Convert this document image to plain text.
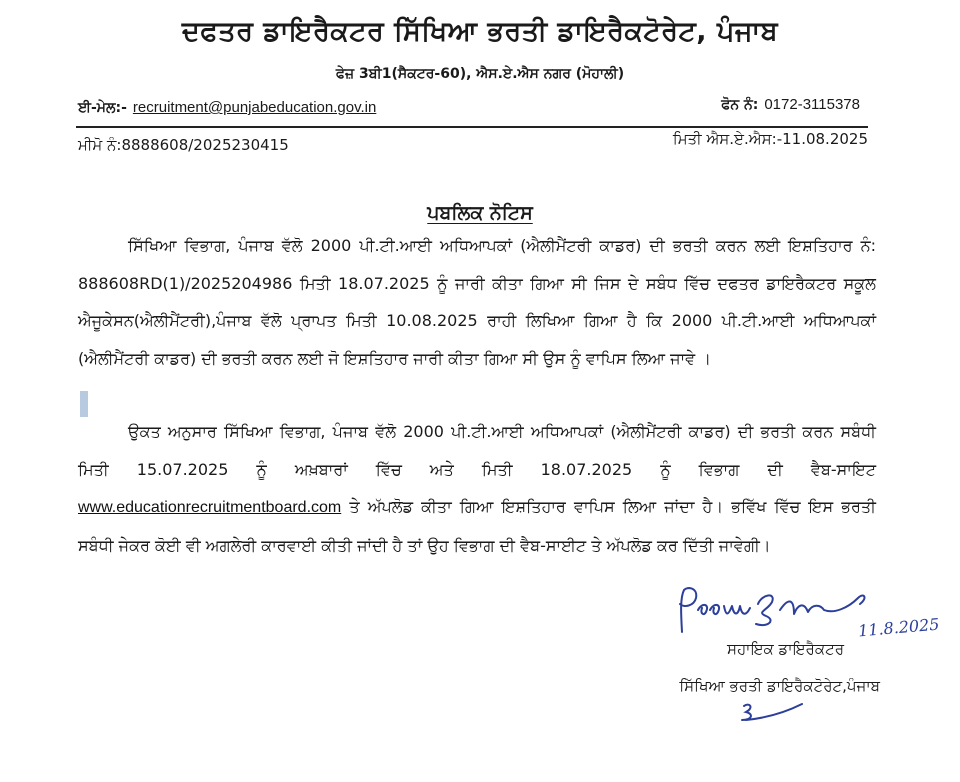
ਦਫਤਰ ਡਾਇਰੈਕਟਰ ਸਿੱਖਿਆ ਭਰਤੀ ਡਾਇਰੈਕਟੋਰੇਟ, ਪੰਜਾਬ
ਫੇਜ਼ 3ਬੀ1(ਸੈਕਟਰ-60), ਐਸ.ਏ.ਐਸ ਨਗਰ (ਮੋਹਾਲੀ)
ਈ-ਮੇਲ:- recruitment@punjabeducation.gov.in	ਫੋਨ ਨੰ: 0172-3115378
ਮੀਮੋ ਨੰ:8888608/2025230415	ਮਿਤੀ ਐਸ.ਏ.ਐਸ:-11.08.2025
ਪਬਲਿਕ ਨੋਟਿਸ
ਸਿੱਖਿਆ ਵਿਭਾਗ, ਪੰਜਾਬ ਵੱਲੋ 2000 ਪੀ.ਟੀ.ਆਈ ਅਧਿਆਪਕਾਂ (ਐਲੀਮੈਂਟਰੀ ਕਾਡਰ) ਦੀ ਭਰਤੀ ਕਰਨ ਲਈ ਇਸ਼ਤਿਹਾਰ ਨੰ: 888608RD(1)/2025204986 ਮਿਤੀ 18.07.2025 ਨੂੰ ਜਾਰੀ ਕੀਤਾ ਗਿਆ ਸੀ ਜਿਸ ਦੇ ਸਬੰਧ ਵਿੱਚ ਦਫਤਰ ਡਾਇਰੈਕਟਰ ਸਕੂਲ ਐਜੂਕੇਸਨ(ਐਲੀਮੈਂਟਰੀ),ਪੰਜਾਬ ਵੱਲੋ ਪ੍ਰਾਪਤ ਮਿਤੀ 10.08.2025 ਰਾਹੀ ਲਿਖਿਆ ਗਿਆ ਹੈ ਕਿ 2000 ਪੀ.ਟੀ.ਆਈ ਅਧਿਆਪਕਾਂ (ਐਲੀਮੈਂਟਰੀ ਕਾਡਰ) ਦੀ ਭਰਤੀ ਕਰਨ ਲਈ ਜੋ ਇਸ਼ਤਿਹਾਰ ਜਾਰੀ ਕੀਤਾ ਗਿਆ ਸੀ ਉਸ ਨੂੰ ਵਾਪਿਸ ਲਿਆ ਜਾਵੇ ।
ਉਕਤ ਅਨੁਸਾਰ ਸਿੱਖਿਆ ਵਿਭਾਗ, ਪੰਜਾਬ ਵੱਲੋ 2000 ਪੀ.ਟੀ.ਆਈ ਅਧਿਆਪਕਾਂ (ਐਲੀਮੈਂਟਰੀ ਕਾਡਰ) ਦੀ ਭਰਤੀ ਕਰਨ ਸਬੰਧੀ ਮਿਤੀ 15.07.2025 ਨੂੰ ਅਖ਼ਬਾਰਾਂ ਵਿੱਚ ਅਤੇ ਮਿਤੀ 18.07.2025 ਨੂੰ ਵਿਭਾਗ ਦੀ ਵੈਬ-ਸਾਇਟ www.educationrecruitmentboard.com ਤੇ ਅੱਪਲੋਡ ਕੀਤਾ ਗਿਆ ਇਸ਼ਤਿਹਾਰ ਵਾਪਿਸ ਲਿਆ ਜਾਂਦਾ ਹੈ। ਭਵਿੱਖ ਵਿੱਚ ਇਸ ਭਰਤੀ ਸਬੰਧੀ ਜੇਕਰ ਕੋਈ ਵੀ ਅਗਲੇਰੀ ਕਾਰਵਾਈ ਕੀਤੀ ਜਾਂਦੀ ਹੈ ਤਾਂ ਉਹ ਵਿਭਾਗ ਦੀ ਵੈਬ-ਸਾਈਟ ਤੇ ਅੱਪਲੋਡ ਕਰ ਦਿੱਤੀ ਜਾਵੇਗੀ।
11.8.2025
ਸਹਾਇਕ ਡਾਇਰੈਕਟਰ
ਸਿੱਖਿਆ ਭਰਤੀ ਡਾਇਰੈਕਟੋਰੇਟ,ਪੰਜਾਬ
